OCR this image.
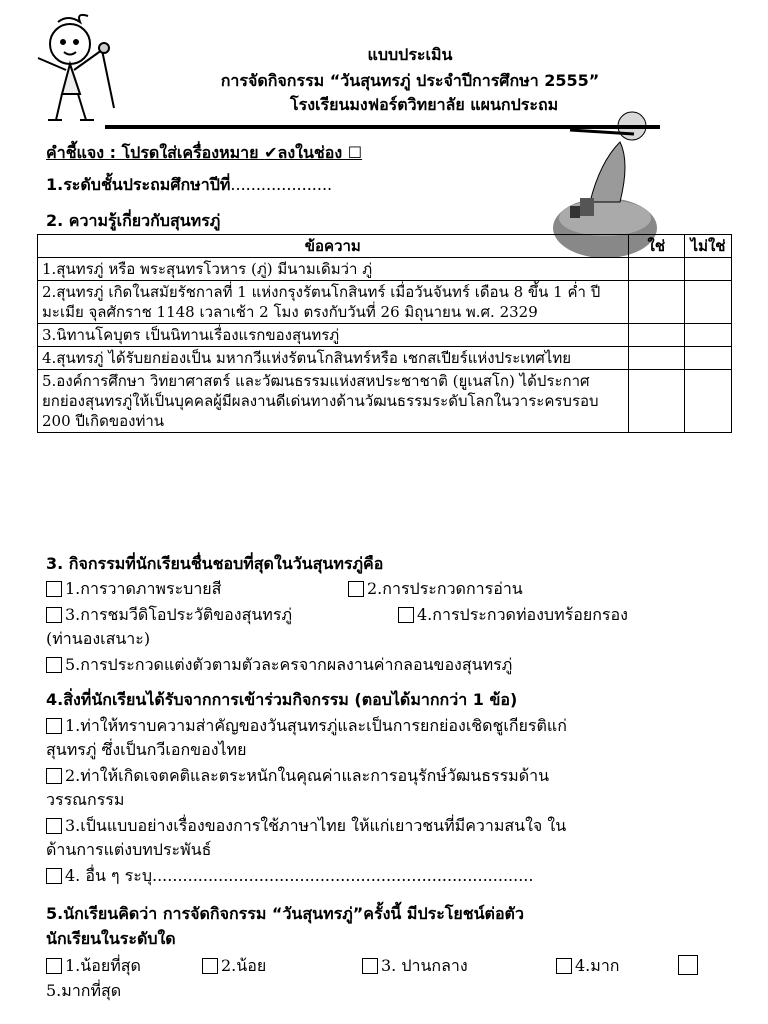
แบบประเมิน
การจัดกิจกรรม “วันสุนทรภู่ ประจำปีการศึกษา 2555”
โรงเรียนมงฟอร์ตวิทยาลัย แผนกประถม
คำชี้แจง : โปรดใส่เครื่องหมาย ✔ลงในช่อง ☐
1.ระดับชั้นประถมศึกษาปีที่....................
2. ความรู้เกี่ยวกับสุนทรภู่
ข้อความ	ใช่	ไม่ใช่
1.สุนทรภู่ หรือ พระสุนทรโวหาร (ภู่) มีนามเดิมว่า ภู่		
2.สุนทรภู่ เกิดในสมัยรัชกาลที่ 1 แห่งกรุงรัตนโกสินทร์ เมื่อวันจันทร์ เดือน 8 ขึ้น 1 ค่ำ ปีมะเมีย จุลศักราช 1148 เวลาเช้า 2 โมง ตรงกับวันที่ 26 มิถุนายน พ.ศ. 2329		
3.นิทานโคบุตร เป็นนิทานเรื่องแรกของสุนทรภู่		
4.สุนทรภู่ ได้รับยกย่องเป็น มหากวีแห่งรัตนโกสินทร์หรือ เชกสเปียร์แห่งประเทศไทย		
5.องค์การศึกษา วิทยาศาสตร์ และวัฒนธรรมแห่งสหประชาชาติ (ยูเนสโก) ได้ประกาศยกย่องสุนทรภู่ให้เป็นบุคคลผู้มีผลงานดีเด่นทางด้านวัฒนธรรมระดับโลกในวาระครบรอบ 200 ปีเกิดของท่าน		
3. กิจกรรมที่นักเรียนชื่นชอบที่สุดในวันสุนทรภู่คือ
1.การวาดภาพระบายสี	2.การประกวดการอ่าน
3.การชมวีดิโอประวัติของสุนทรภู่	4.การประกวดท่องบทร้อยกรอง
(ท่านองเสนาะ)
5.การประกวดแต่งตัวตามตัวละครจากผลงานค่ากลอนของสุนทรภู่
4.สิ่งที่นักเรียนได้รับจากการเข้าร่วมกิจกรรม (ตอบได้มากกว่า 1 ข้อ)
1.ท่าให้ทราบความส่าคัญของวันสุนทรภู่และเป็นการยกย่องเชิดชูเกียรติแก่
สุนทรภู่ ซึ่งเป็นกวีเอกของไทย
2.ท่าให้เกิดเจตคติและตระหนักในคุณค่าและการอนุรักษ์วัฒนธรรมด้าน
วรรณกรรม
3.เป็นแบบอย่างเรื่องของการใช้ภาษาไทย ให้แก่เยาวชนที่มีความสนใจ ใน
ด้านการแต่งบทประพันธ์
4. อื่น ๆ ระบุ...........................................................................
5.นักเรียนคิดว่า การจัดกิจกรรม “วันสุนทรภู่”ครั้งนี้ มีประโยชน์ต่อตัว
นักเรียนในระดับใด
1.น้อยที่สุด	2.น้อย	3. ปานกลาง	4.มาก
5.มากที่สุด
